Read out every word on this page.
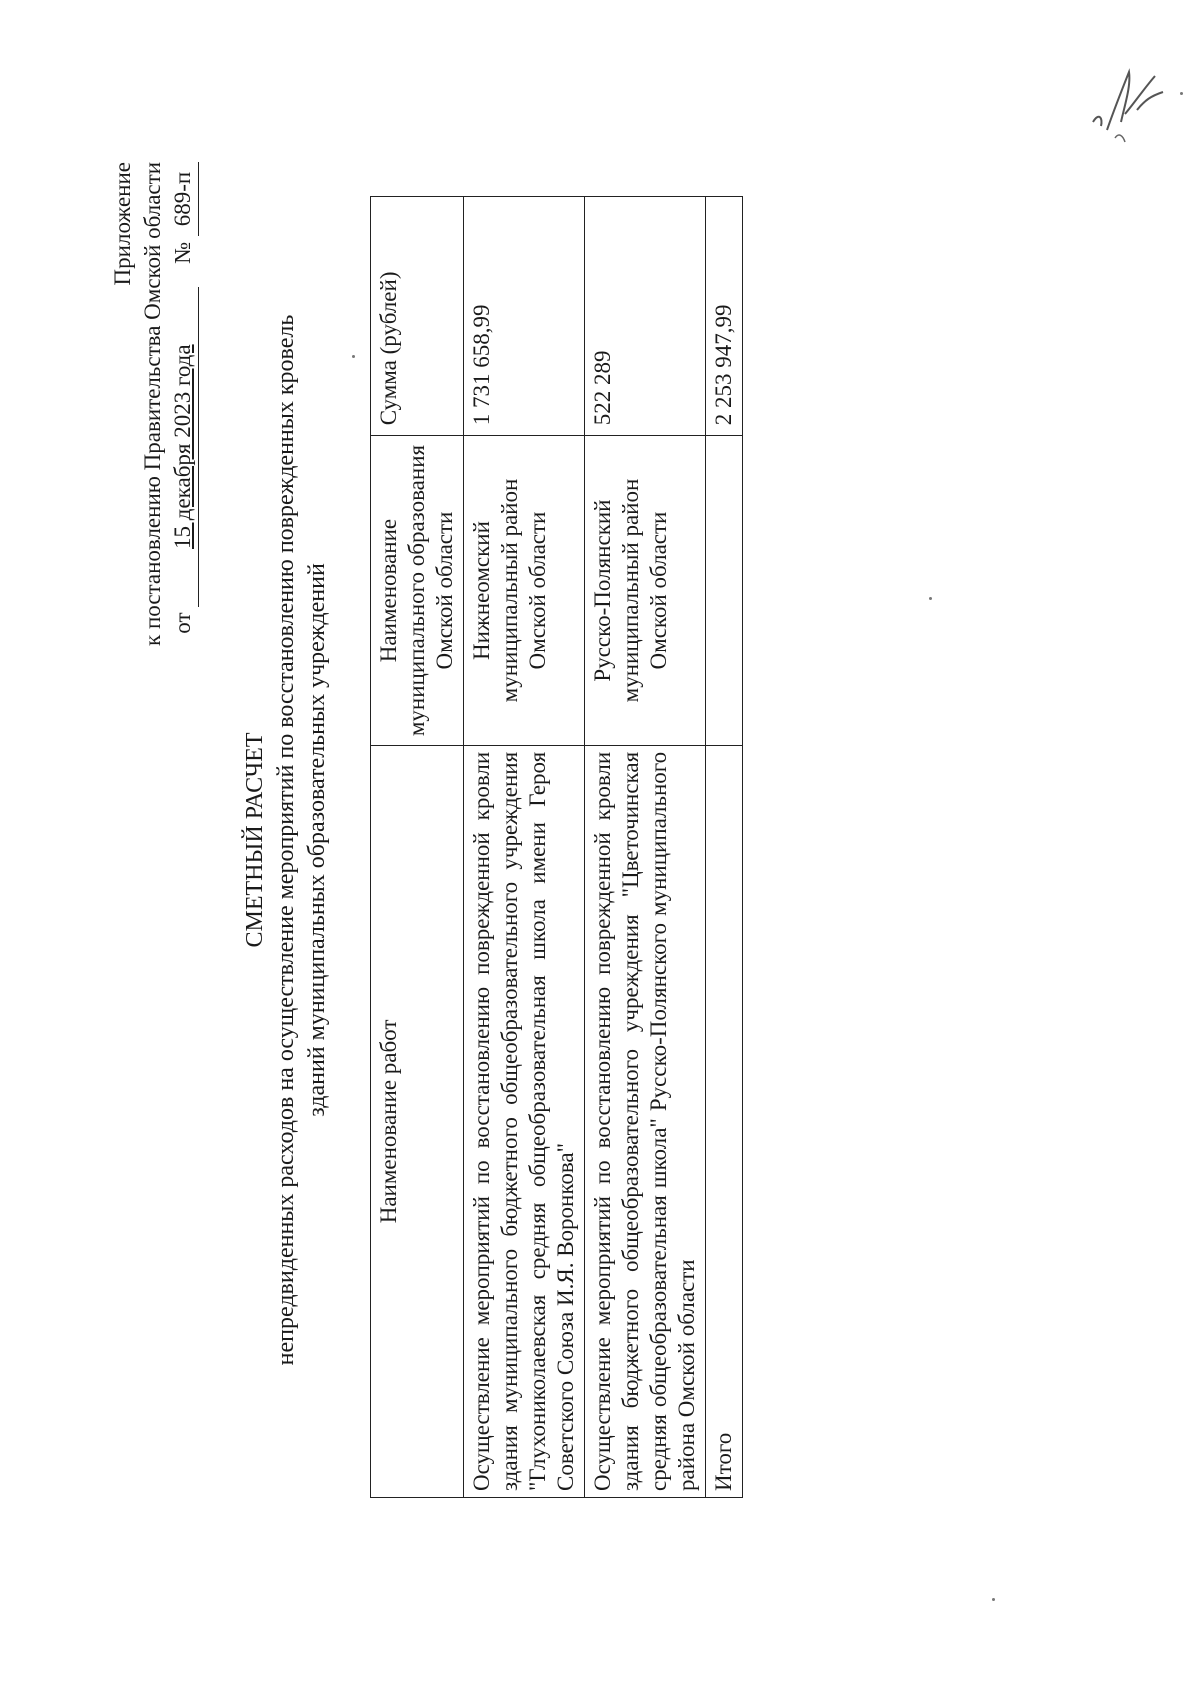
Приложение к постановлению Правительства Омской области от 15 декабря 2023 года    № 689-п
СМЕТНЫЙ РАСЧЕТ непредвиденных расходов на осуществление мероприятий по восстановлению поврежденных кровель зданий муниципальных образовательных учреждений
Наименование работ	Наименование муниципального образования Омской области	Сумма (рублей)
Осуществление мероприятий по восстановлению поврежденной кровли здания муниципального бюджетного общеобразовательного учреждения "Глухониколаевская средняя общеобразовательная школа имени Героя Советского Союза И.Я. Воронкова"	Нижнеомский муниципальный район Омской области	1 731 658,99
Осуществление мероприятий по восстановлению поврежденной кровли здания бюджетного общеобразовательного учреждения "Цветочинская средняя общеобразовательная школа" Русско-Полянского муниципального района Омской области	Русско-Полянский муниципальный район Омской области	522 289
Итого		2 253 947,99
